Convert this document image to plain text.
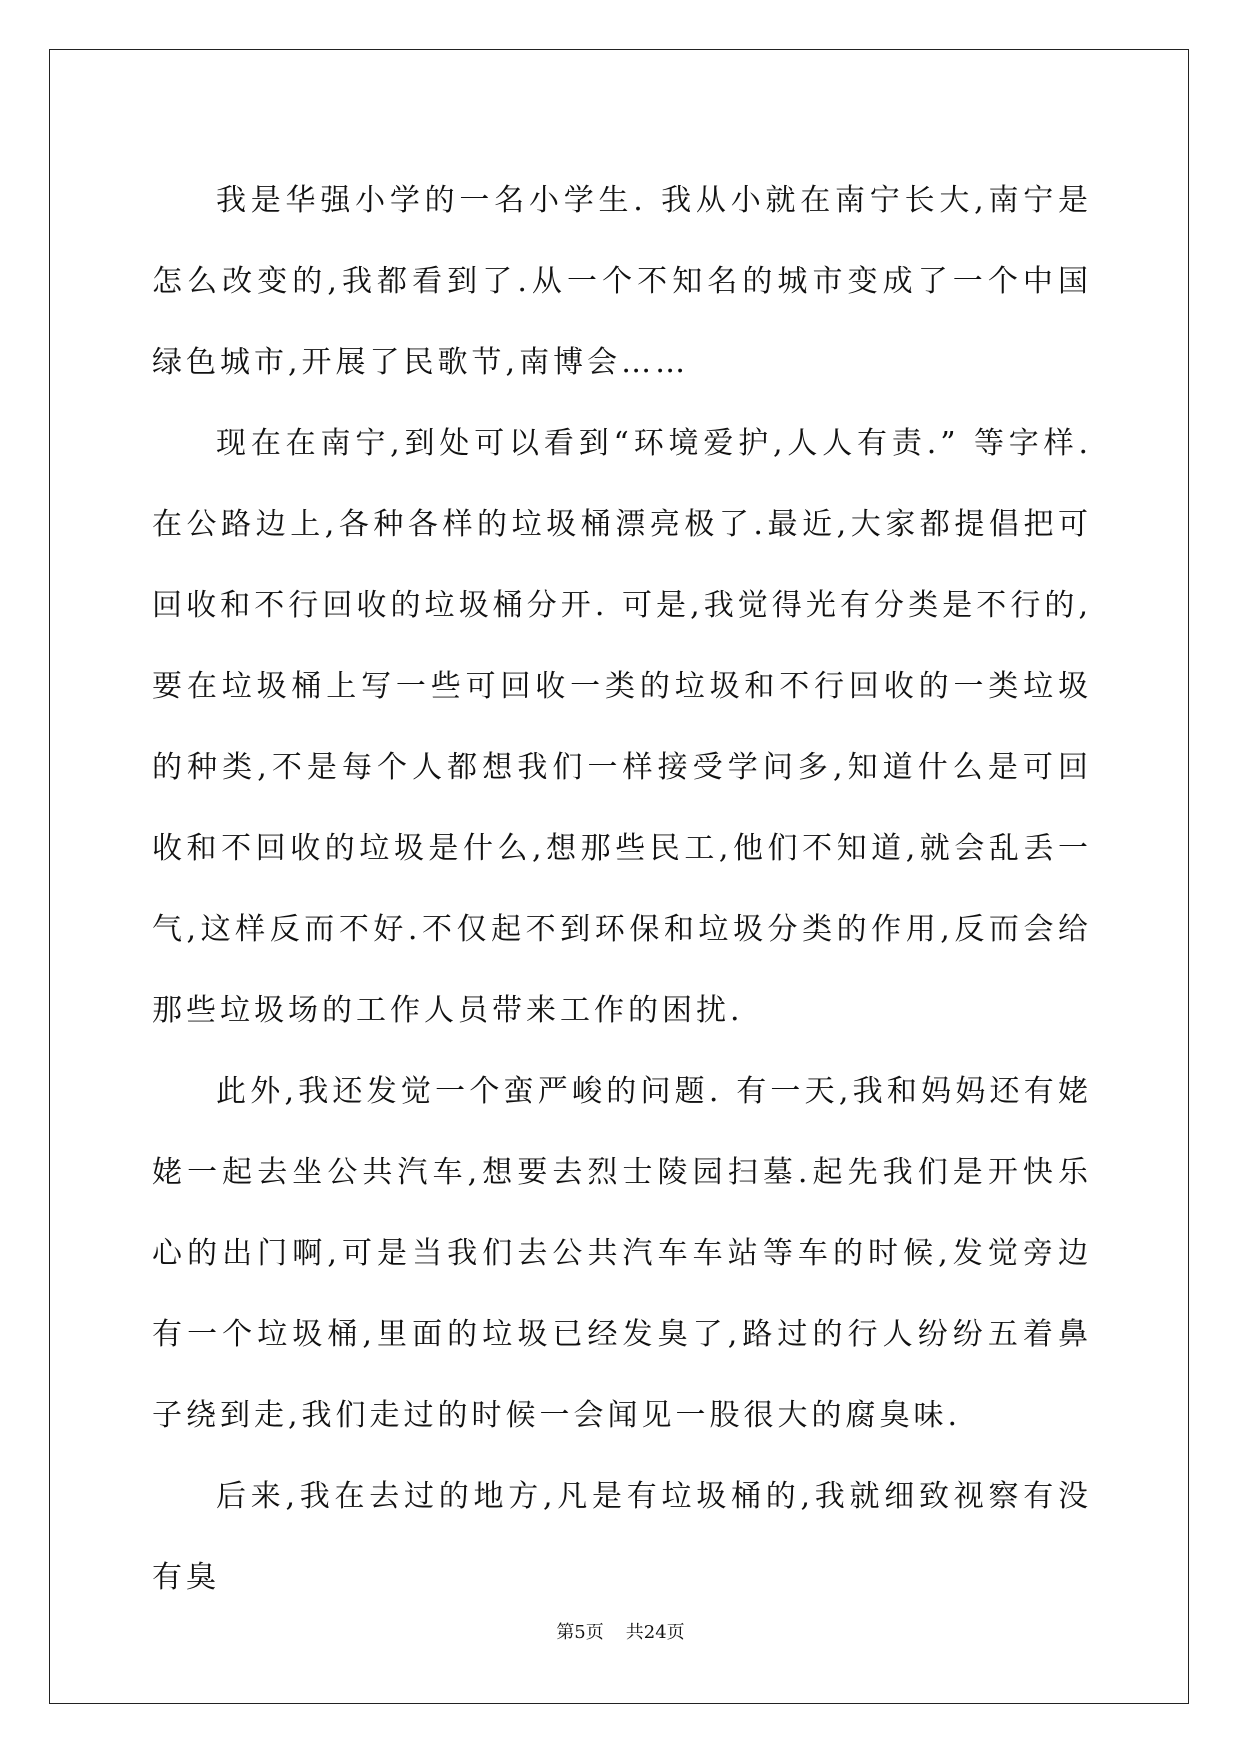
我是华强小学的一名小学生. 我从小就在南宁长大,南宁是怎么改变的,我都看到了.从一个不知名的城市变成了一个中国绿色城市,开展了民歌节,南博会……

现在在南宁,到处可以看到“环境爱护,人人有责.” 等字样.在公路边上,各种各样的垃圾桶漂亮极了.最近,大家都提倡把可回收和不行回收的垃圾桶分开. 可是,我觉得光有分类是不行的,要在垃圾桶上写一些可回收一类的垃圾和不行回收的一类垃圾的种类,不是每个人都想我们一样接受学问多,知道什么是可回收和不回收的垃圾是什么,想那些民工,他们不知道,就会乱丢一气,这样反而不好.不仅起不到环保和垃圾分类的作用,反而会给那些垃圾场的工作人员带来工作的困扰.

此外,我还发觉一个蛮严峻的问题. 有一天,我和妈妈还有姥姥一起去坐公共汽车,想要去烈士陵园扫墓.起先我们是开快乐心的出门啊,可是当我们去公共汽车车站等车的时候,发觉旁边有一个垃圾桶,里面的垃圾已经发臭了,路过的行人纷纷五着鼻子绕到走,我们走过的时候一会闻见一股很大的腐臭味.

后来,我在去过的地方,凡是有垃圾桶的,我就细致视察有没有臭

第5页 共24页
